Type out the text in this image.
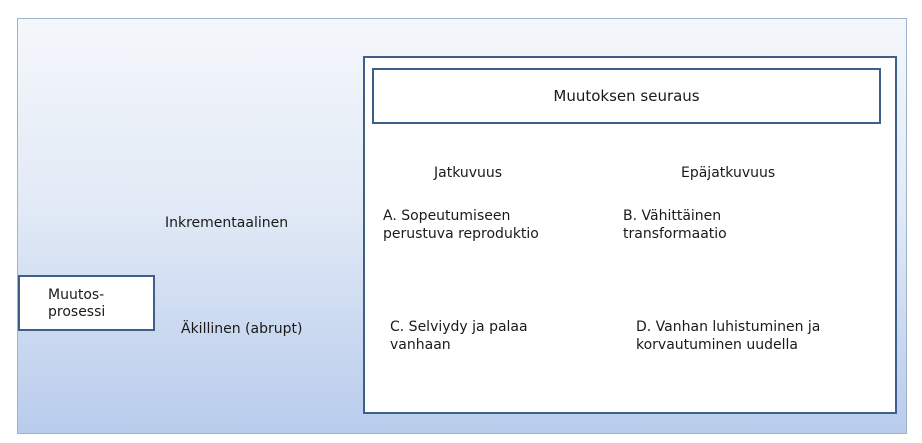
Muutoksen seuraus
Jatkuvuus	Epäjatkuvuus
Inkrementaalinen
Äkillinen (abrupt)
A. Sopeutumiseen
perustuva reproduktio
B. Vähittäinen
transformaatio
C. Selviydy ja palaa
vanhaan
D. Vanhan luhistuminen ja
korvautuminen uudella
Muutos-
prosessi
